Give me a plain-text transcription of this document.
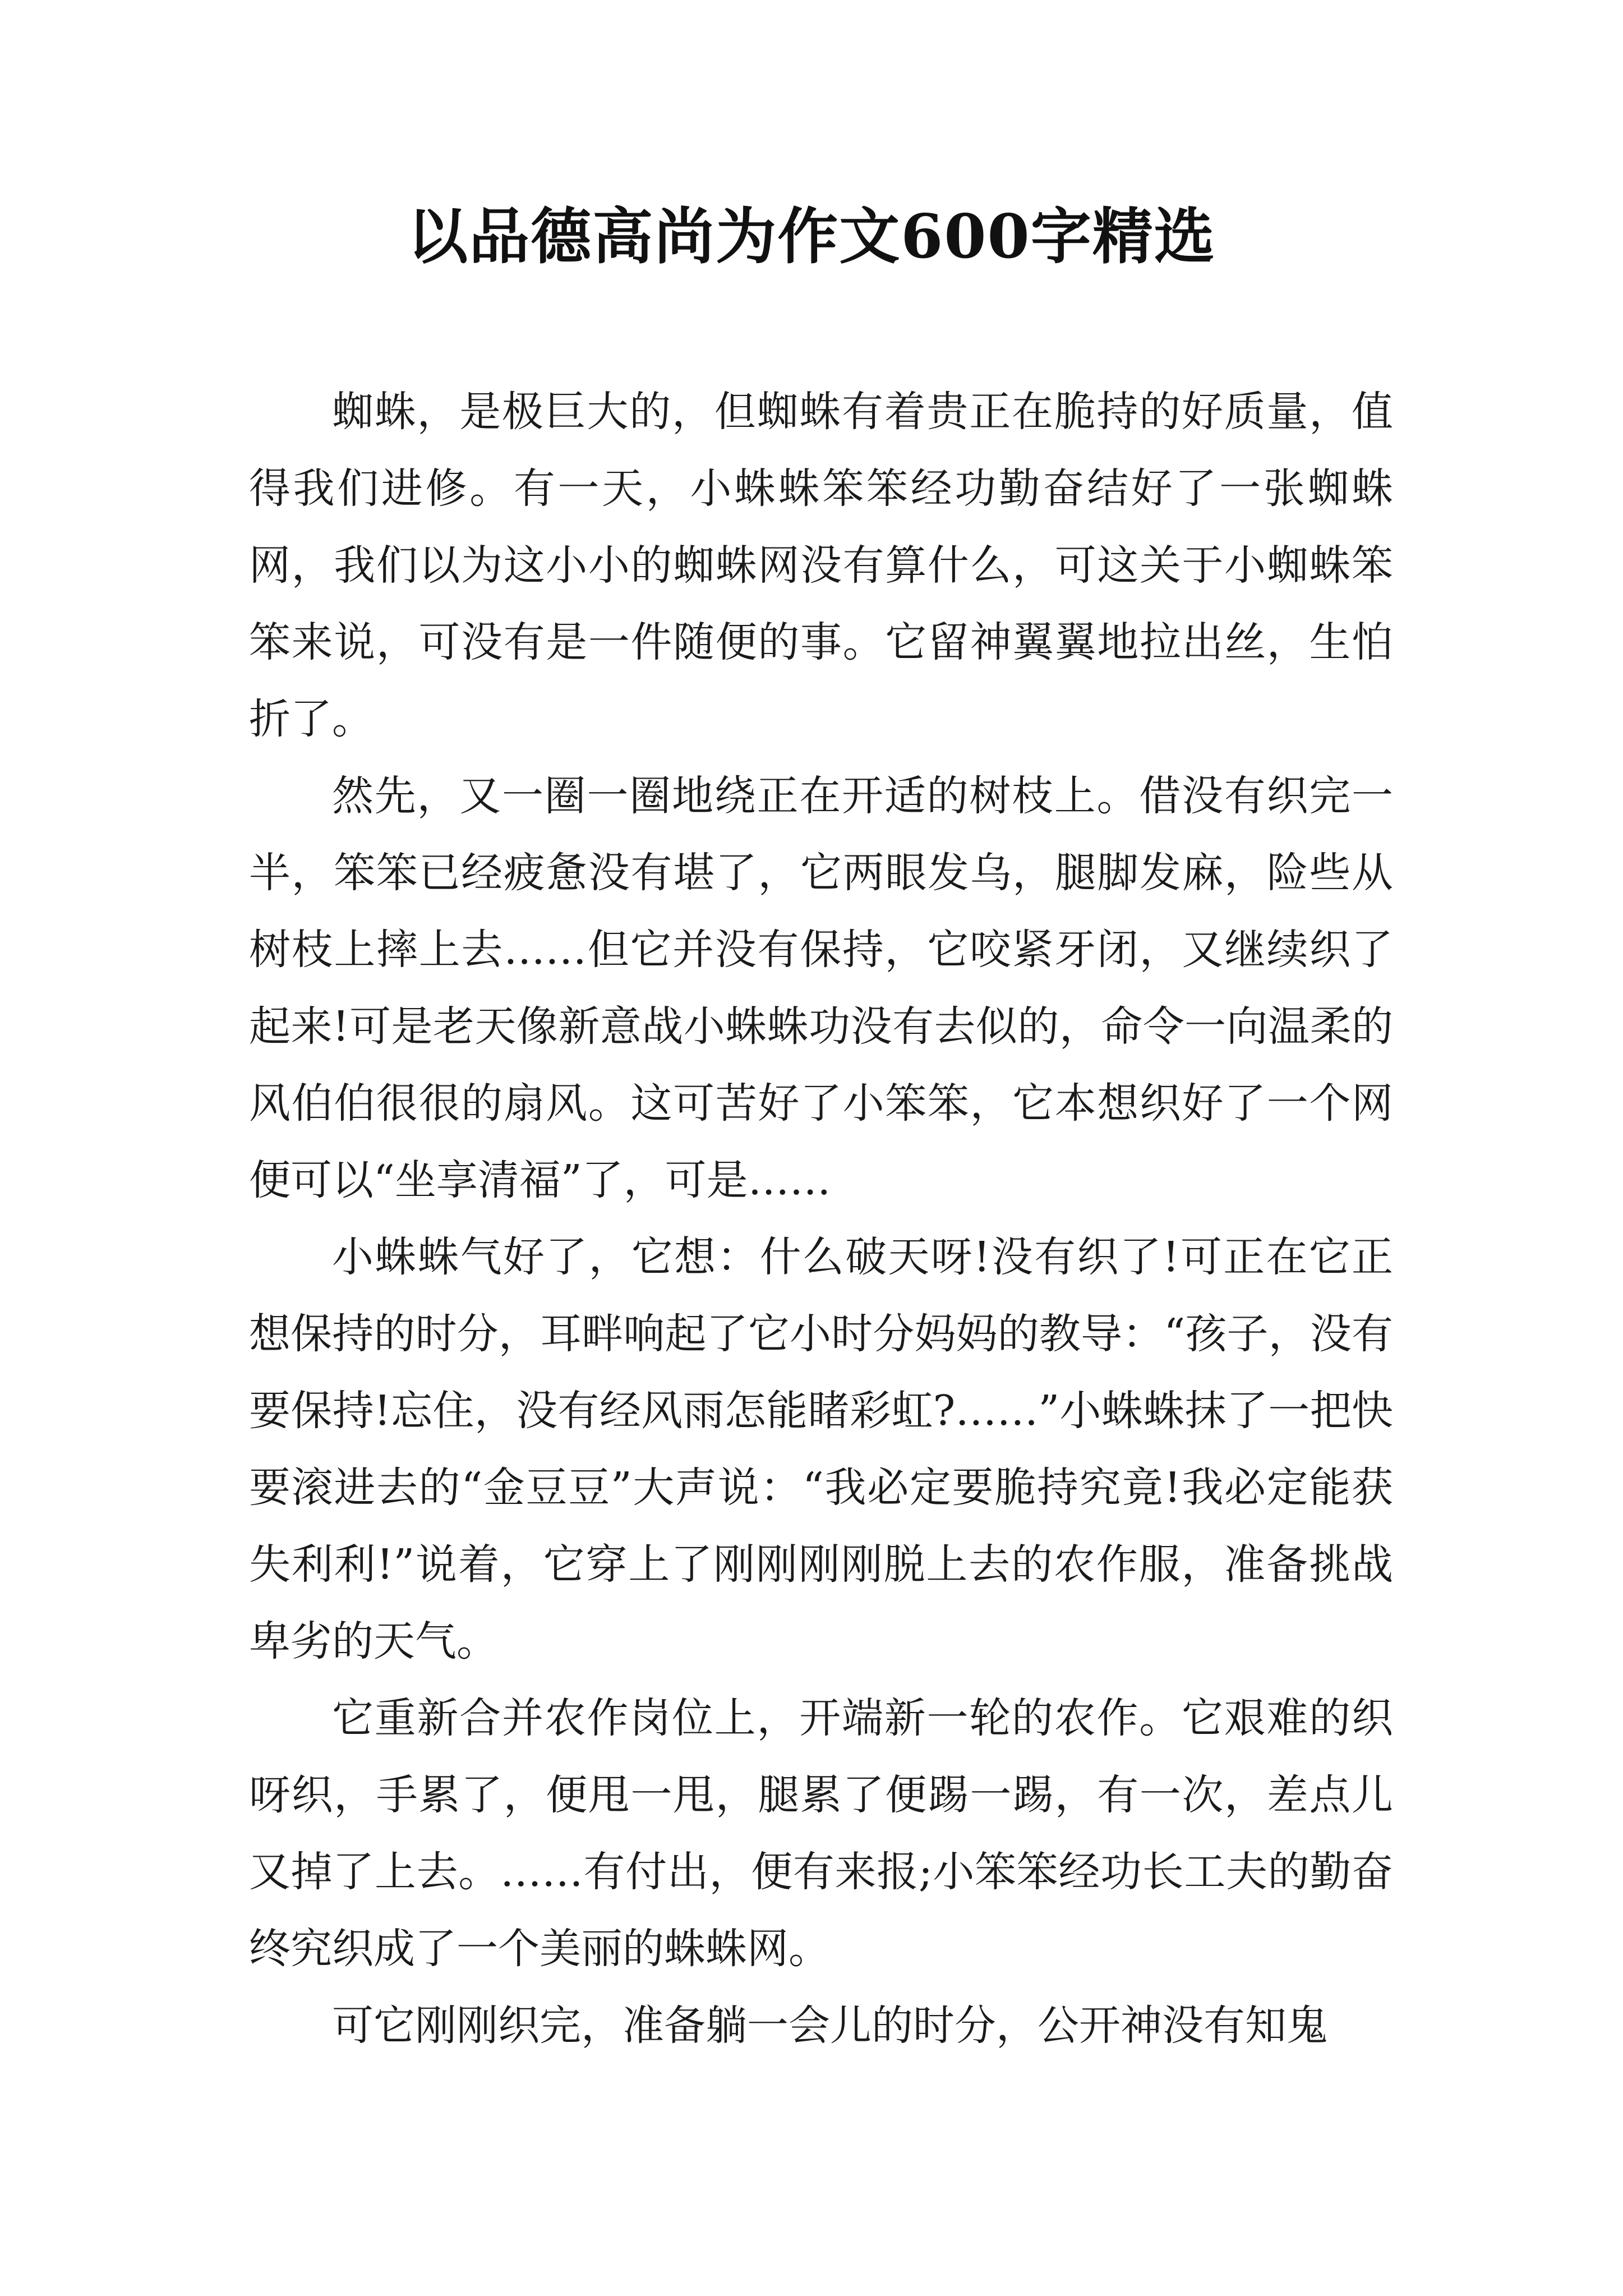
以品德高尚为作文600字精选

蜘蛛，是极巨大的，但蜘蛛有着贵正在脆持的好质量，值得我们进修。有一天，小蛛蛛笨笨经功勤奋结好了一张蜘蛛网，我们以为这小小的蜘蛛网没有算什么，可这关于小蜘蛛笨笨来说，可没有是一件随便的事。它留神翼翼地拉出丝，生怕折了。

然先，又一圈一圈地绕正在开适的树枝上。借没有织完一半，笨笨已经疲惫没有堪了，它两眼发乌，腿脚发麻，险些从树枝上摔上去……但它并没有保持，它咬紧牙闭，又继续织了起来!可是老天像新意战小蛛蛛功没有去似的，命令一向温柔的风伯伯很很的扇风。这可苦好了小笨笨，它本想织好了一个网便可以“坐享清福”了，可是……

小蛛蛛气好了，它想：什么破天呀!没有织了!可正在它正想保持的时分，耳畔响起了它小时分妈妈的教导：“孩子，没有要保持!忘住，没有经风雨怎能睹彩虹?……”小蛛蛛抹了一把快要滚进去的“金豆豆”大声说：“我必定要脆持究竟!我必定能获失利利!”说着，它穿上了刚刚刚刚脱上去的农作服，准备挑战卑劣的天气。

它重新合并农作岗位上，开端新一轮的农作。它艰难的织呀织，手累了，便甩一甩，腿累了便踢一踢，有一次，差点儿又掉了上去。……有付出，便有来报;小笨笨经功长工夫的勤奋终究织成了一个美丽的蛛蛛网。

可它刚刚织完，准备躺一会儿的时分，公开神没有知鬼
